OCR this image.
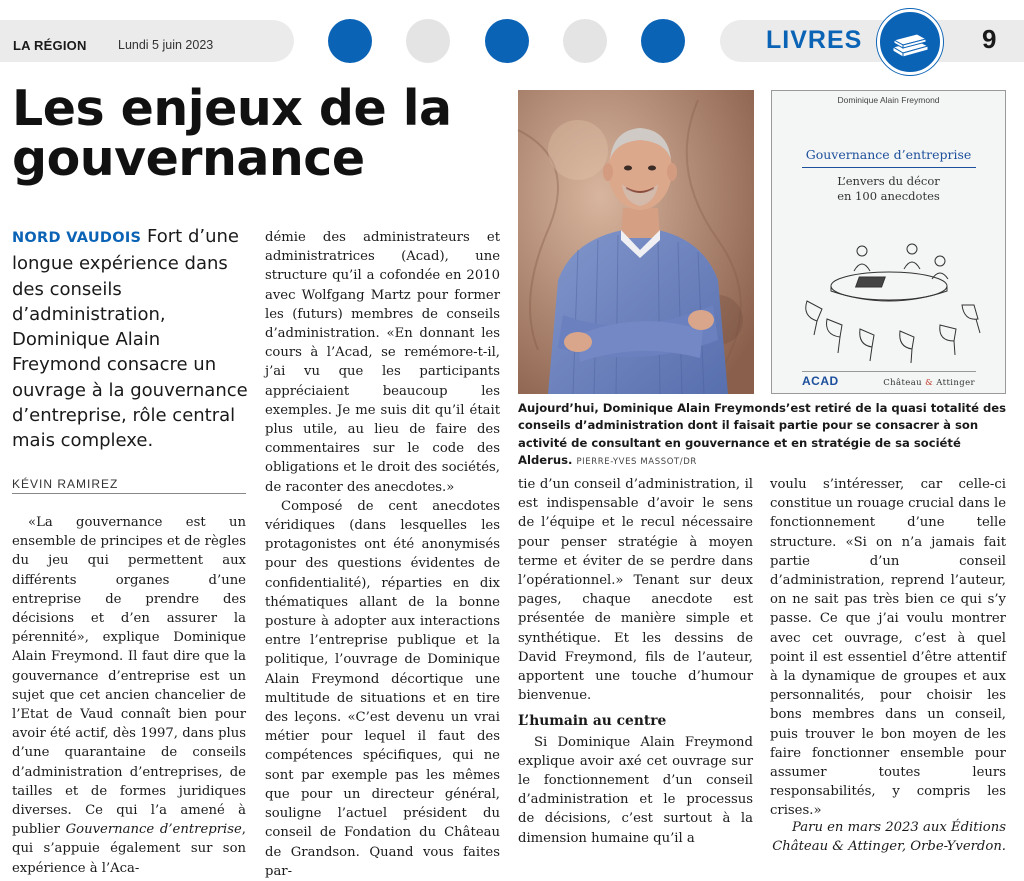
LA RÉGION	Lundi 5 juin 2023	LIVRES	9
Les enjeux de la gouvernance
NORD VAUDOIS Fort d’une longue expérience dans des conseils d’administration, Dominique Alain Freymond consacre un ouvrage à la gouvernance d’entreprise, rôle central mais complexe.
KÉVIN RAMIREZ

«La gouvernance est un ensemble de principes et de règles du jeu qui permettent aux différents organes d’une entreprise de prendre des décisions et d’en assurer la pérennité», explique Dominique Alain Freymond. Il faut dire que la gouvernance d’entreprise est un sujet que cet ancien chancelier de l’Etat de Vaud connaît bien pour avoir été actif, dès 1997, dans plus d’une quarantaine de conseils d’administration d’entreprises, de tailles et de formes juridiques diverses. Ce qui l’a amené à publier Gouvernance d’entreprise, qui s’appuie également sur son expérience à l’Aca-

démie des administrateurs et administratrices (Acad), une structure qu’il a cofondée en 2010 avec Wolfgang Martz pour former les (futurs) membres de conseils d’administration. «En donnant les cours à l’Acad, se remémore-t-il, j’ai vu que les participants appréciaient beaucoup les exemples. Je me suis dit qu’il était plus utile, au lieu de faire des commentaires sur le code des obligations et le droit des sociétés, de raconter des anecdotes.»

Composé de cent anecdotes véridiques (dans lesquelles les protagonistes ont été anonymisés pour des questions évidentes de confidentialité), réparties en dix thématiques allant de la bonne posture à adopter aux interactions entre l’entreprise publique et la politique, l’ouvrage de Dominique Alain Freymond décortique une multitude de situations et en tire des leçons. «C’est devenu un vrai métier pour lequel il faut des compétences spécifiques, qui ne sont par exemple pas les mêmes que pour un directeur général, souligne l’actuel président du conseil de Fondation du Château de Grandson. Quand vous faites par-

tie d’un conseil d’administration, il est indispensable d’avoir le sens de l’équipe et le recul nécessaire pour penser stratégie à moyen terme et éviter de se perdre dans l’opérationnel.» Tenant sur deux pages, chaque anecdote est présentée de manière simple et synthétique. Et les dessins de David Freymond, fils de l’auteur, apportent une touche d’humour bienvenue.

L’humain au centre

Si Dominique Alain Freymond explique avoir axé cet ouvrage sur le fonctionnement d’un conseil d’administration et le processus de décisions, c’est surtout à la dimension humaine qu’il a

voulu s’intéresser, car celle-ci constitue un rouage crucial dans le fonctionnement d’une telle structure. «Si on n’a jamais fait partie d’un conseil d’administration, reprend l’auteur, on ne sait pas très bien ce qui s’y passe. Ce que j’ai voulu montrer avec cet ouvrage, c’est à quel point il est essentiel d’être attentif à la dynamique de groupes et aux personnalités, pour choisir les bons membres dans un conseil, puis trouver le bon moyen de les faire fonctionner ensemble pour assumer toutes leurs responsabilités, y compris les crises.»

Paru en mars 2023 aux Éditions
Château & Attinger, Orbe-Yverdon.
Dominique Alain Freymond
Gouvernance d’entreprise
L’envers du décor
en 100 anecdotes
ACAD	Château & Attinger
Aujourd’hui, Dominique Alain Freymonds’est retiré de la quasi totalité des conseils d’administration dont il faisait partie pour se consacrer à son activité de consultant en gouvernance et en stratégie de sa société Alderus. PIERRE-YVES MASSOT/DR
